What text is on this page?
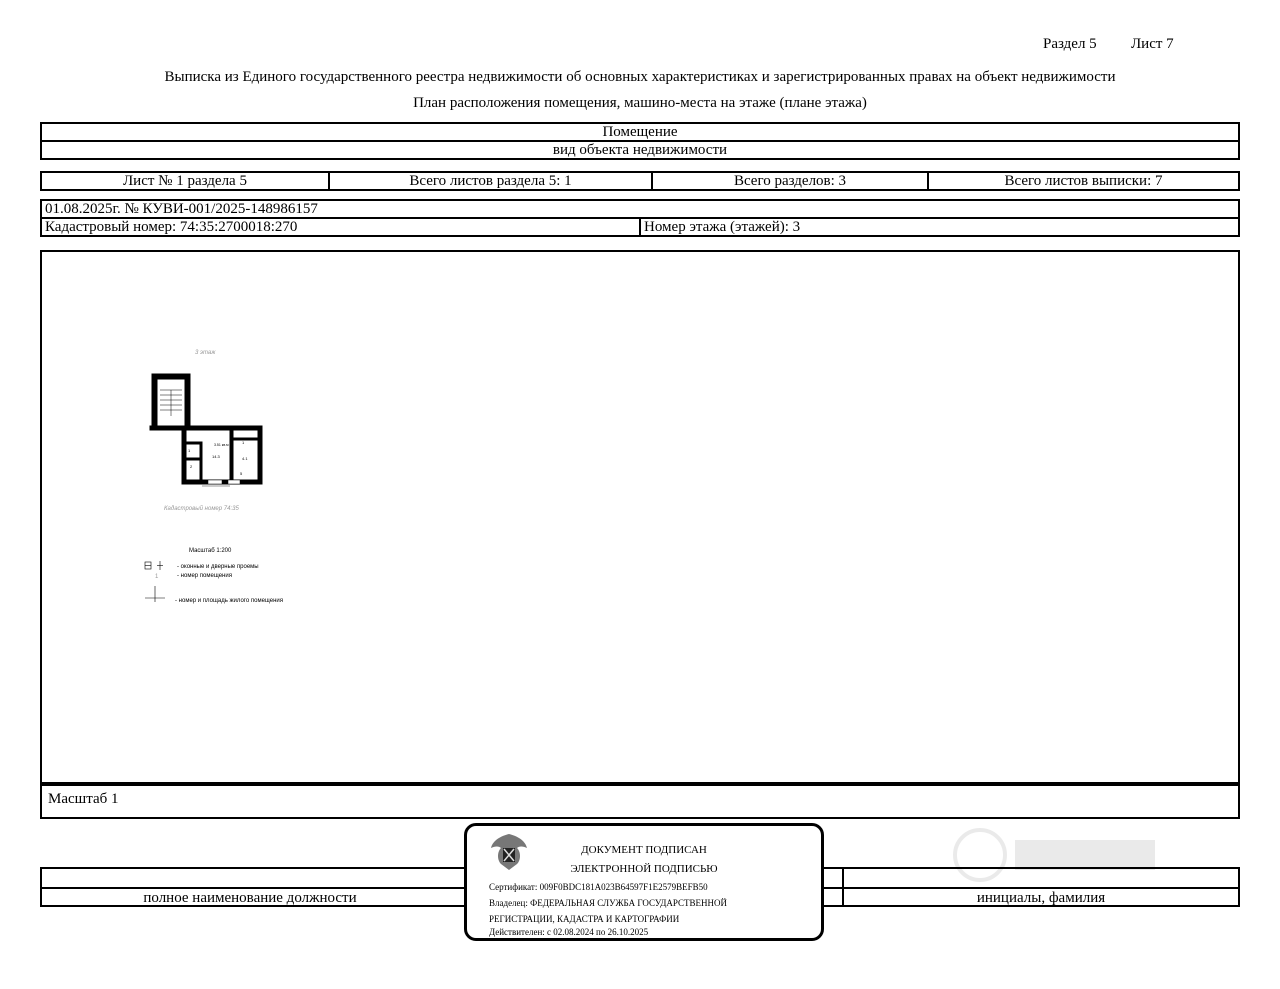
Раздел 5 Лист 7
Выписка из Единого государственного реестра недвижимости об основных характеристиках и зарегистрированных правах на объект недвижимости
План расположения помещения, машино-места на этаже (плане этажа)
Помещение
вид объекта недвижимости
Лист № 1 раздела 5	Всего листов раздела 5: 1	Всего разделов: 3	Всего листов выписки: 7
01.08.2025г. № КУВИ-001/2025-148986157
Кадастровый номер: 74:35:2700018:270	Номер этажа (этажей): 3
3 этаж
3.51 кв.м
1
1
14.3	4.1
2
5
Кадастровый номер 74:35
Масштаб 1:200
- оконные и дверные проемы
1	- номер помещения
- номер и площадь жилого помещения
Масштаб 1
полное наименование должности	инициалы, фамилия
ДОКУМЕНТ ПОДПИСАН
ЭЛЕКТРОННОЙ ПОДПИСЬЮ
Сертификат: 009F0BDC181A023B64597F1E2579BEFB50
Владелец: ФЕДЕРАЛЬНАЯ СЛУЖБА ГОСУДАРСТВЕННОЙ
РЕГИСТРАЦИИ, КАДАСТРА И КАРТОГРАФИИ
Действителен: с 02.08.2024 по 26.10.2025
